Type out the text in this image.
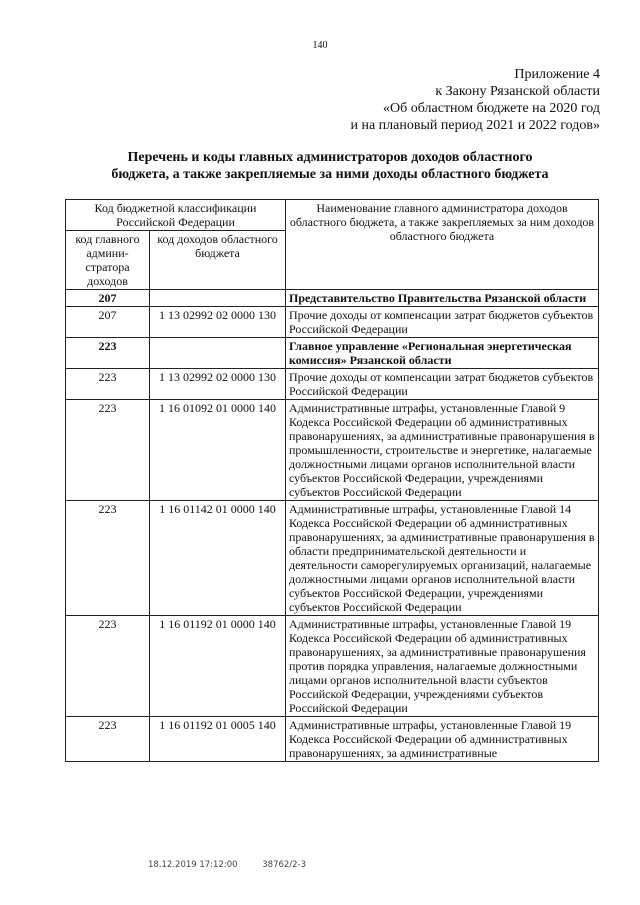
140
Приложение 4
к Закону Рязанской области
«Об областном бюджете на 2020 год
и на плановый период 2021 и 2022 годов»
Перечень и коды главных администраторов доходов областного
бюджета, а также закрепляемые за ними доходы областного бюджета
Код бюджетной классификации Российской Федерации		Наименование главного администратора доходов областного бюджета, а также закрепляемых за ним доходов областного бюджета
код главного админи-стратора доходов	код доходов областного бюджета	
207		Представительство Правительства Рязанской области
207	1 13 02992 02 0000 130	Прочие доходы от компенсации затрат бюджетов субъектов Российской Федерации
223		Главное управление «Региональная энергетическая комиссия» Рязанской области
223	1 13 02992 02 0000 130	Прочие доходы от компенсации затрат бюджетов субъектов Российской Федерации
223	1 16 01092 01 0000 140	Административные штрафы, установленные Главой 9 Кодекса Российской Федерации об административных правонарушениях, за административные правонарушения в промышленности, строительстве и энергетике, налагаемые должностными лицами органов исполнительной власти субъектов Российской Федерации, учреждениями субъектов Российской Федерации
223	1 16 01142 01 0000 140	Административные штрафы, установленные Главой 14 Кодекса Российской Федерации об административных правонарушениях, за административные правонарушения в области предпринимательской деятельности и деятельности саморегулируемых организаций, налагаемые должностными лицами органов исполнительной власти субъектов Российской Федерации, учреждениями субъектов Российской Федерации
223	1 16 01192 01 0000 140	Административные штрафы, установленные Главой 19 Кодекса Российской Федерации об административных правонарушениях, за административные правонарушения против порядка управления, налагаемые должностными лицами органов исполнительной власти субъектов Российской Федерации, учреждениями субъектов Российской Федерации
223	1 16 01192 01 0005 140	Административные штрафы, установленные Главой 19 Кодекса Российской Федерации об административных правонарушениях, за административные
18.12.2019 17:12:00	38762/2-3
